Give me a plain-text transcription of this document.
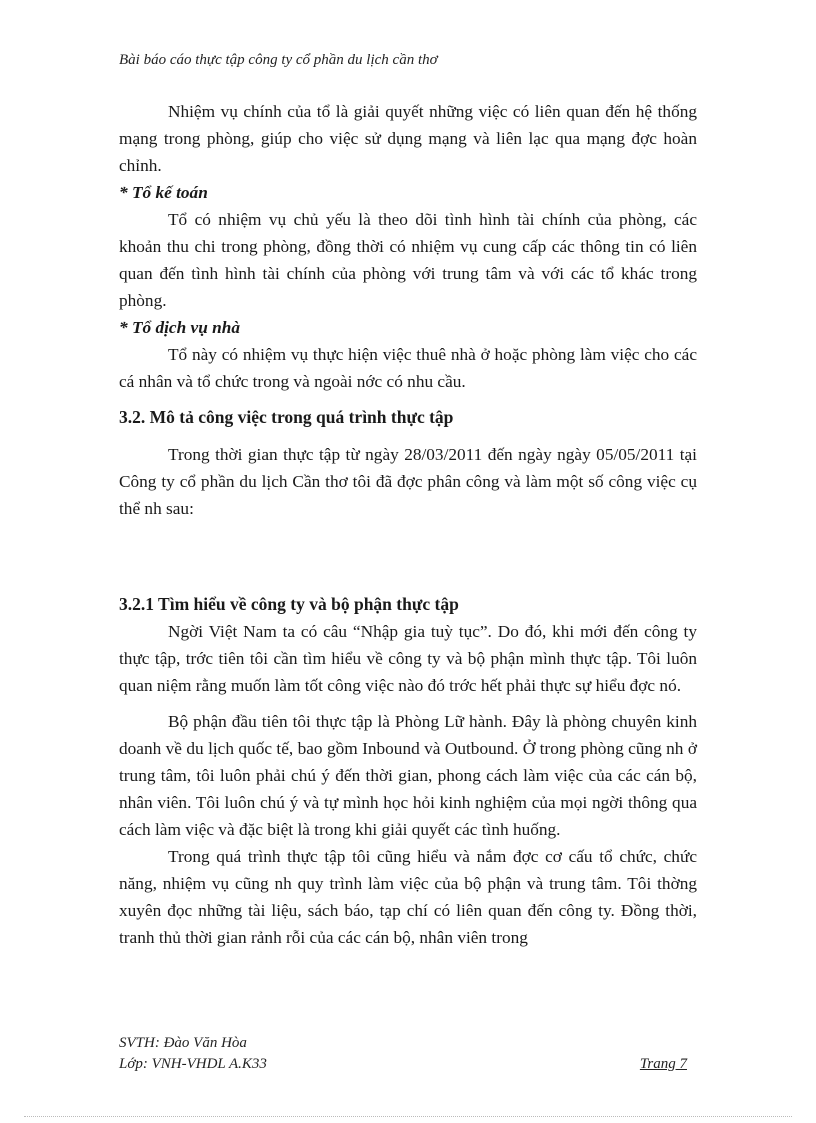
Bài báo cáo thực tập công ty cổ phần du lịch cần thơ

Nhiệm vụ chính của tổ là giải quyết những việc có liên quan đến hệ thống mạng trong phòng, giúp cho việc sử dụng mạng và liên lạc qua mạng đợc hoàn chỉnh.

* Tổ kế toán

Tổ có nhiệm vụ chủ yếu là theo dõi tình hình tài chính của phòng, các khoản thu chi trong phòng, đồng thời có nhiệm vụ cung cấp các thông tin có liên quan đến tình hình tài chính của phòng với trung tâm và với các tổ khác trong phòng.

* Tổ dịch vụ nhà

Tổ này có nhiệm vụ thực hiện việc thuê nhà ở hoặc phòng làm việc cho các cá nhân và tổ chức trong và ngoài nớc có nhu cầu.

3.2. Mô tả công việc trong quá trình thực tập

Trong thời gian thực tập từ ngày 28/03/2011 đến ngày ngày 05/05/2011 tại Công ty cổ phần du lịch Cần thơ tôi đã đợc phân công và làm một số công việc cụ thể nh sau:

3.2.1 Tìm hiểu về công ty và bộ phận thực tập

Ngời Việt Nam ta có câu “Nhập gia tuỳ tục”. Do đó, khi mới đến công ty thực tập, trớc tiên tôi cần tìm hiểu về công ty và bộ phận mình thực tập. Tôi luôn quan niệm rằng muốn làm tốt công việc nào đó trớc hết phải thực sự hiểu đợc nó.

Bộ phận đầu tiên tôi thực tập là Phòng Lữ hành. Đây là phòng chuyên kinh doanh về du lịch quốc tế, bao gồm Inbound và Outbound. Ở trong phòng cũng nh ở trung tâm, tôi luôn phải chú ý đến thời gian, phong cách làm việc của các cán bộ, nhân viên. Tôi luôn chú ý và tự mình học hỏi kinh nghiệm của mọi ngời thông qua cách làm việc và đặc biệt là trong khi giải quyết các tình huống.

Trong quá trình thực tập tôi cũng hiểu và nắm đợc cơ cấu tổ chức, chức năng, nhiệm vụ cũng nh quy trình làm việc của bộ phận và trung tâm. Tôi thờng xuyên đọc những tài liệu, sách báo, tạp chí có liên quan đến công ty. Đồng thời, tranh thủ thời gian rảnh rỗi của các cán bộ, nhân viên trong

SVTH: Đào Văn Hòa
Lớp: VNH-VHDL A.K33	Trang 7
